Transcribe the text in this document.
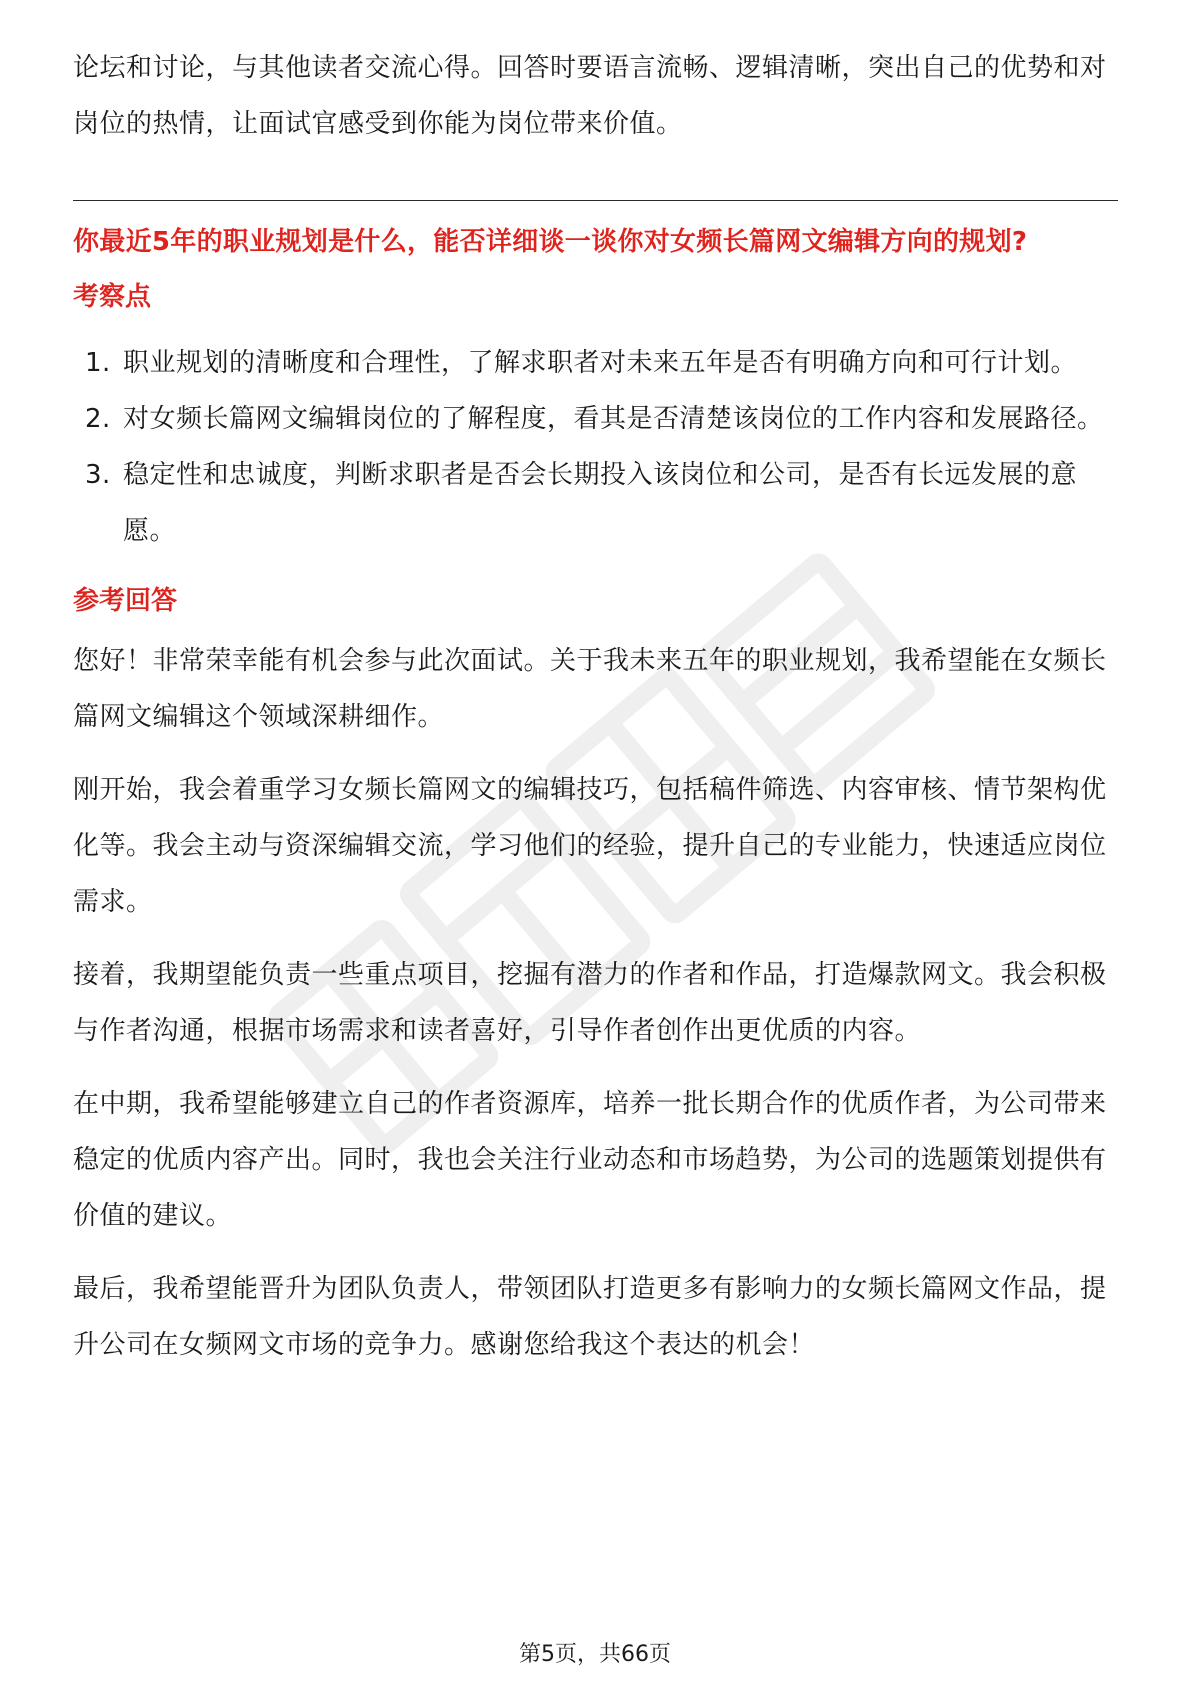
论坛和讨论，与其他读者交流心得。回答时要语言流畅、逻辑清晰，突出自己的优势和对岗位的热情，让面试官感受到你能为岗位带来价值。

你最近5年的职业规划是什么，能否详细谈一谈你对女频长篇网文编辑方向的规划?

考察点
1. 职业规划的清晰度和合理性，了解求职者对未来五年是否有明确方向和可行计划。
2. 对女频长篇网文编辑岗位的了解程度，看其是否清楚该岗位的工作内容和发展路径。
3. 稳定性和忠诚度，判断求职者是否会长期投入该岗位和公司，是否有长远发展的意愿。
参考回答

您好！非常荣幸能有机会参与此次面试。关于我未来五年的职业规划，我希望能在女频长篇网文编辑这个领域深耕细作。

刚开始，我会着重学习女频长篇网文的编辑技巧，包括稿件筛选、内容审核、情节架构优化等。我会主动与资深编辑交流，学习他们的经验，提升自己的专业能力，快速适应岗位需求。

接着，我期望能负责一些重点项目，挖掘有潜力的作者和作品，打造爆款网文。我会积极与作者沟通，根据市场需求和读者喜好，引导作者创作出更优质的内容。

在中期，我希望能够建立自己的作者资源库，培养一批长期合作的优质作者，为公司带来稳定的优质内容产出。同时，我也会关注行业动态和市场趋势，为公司的选题策划提供有价值的建议。

最后，我希望能晋升为团队负责人，带领团队打造更多有影响力的女频长篇网文作品，提升公司在女频网文市场的竞争力。感谢您给我这个表达的机会！

第5页，共66页
